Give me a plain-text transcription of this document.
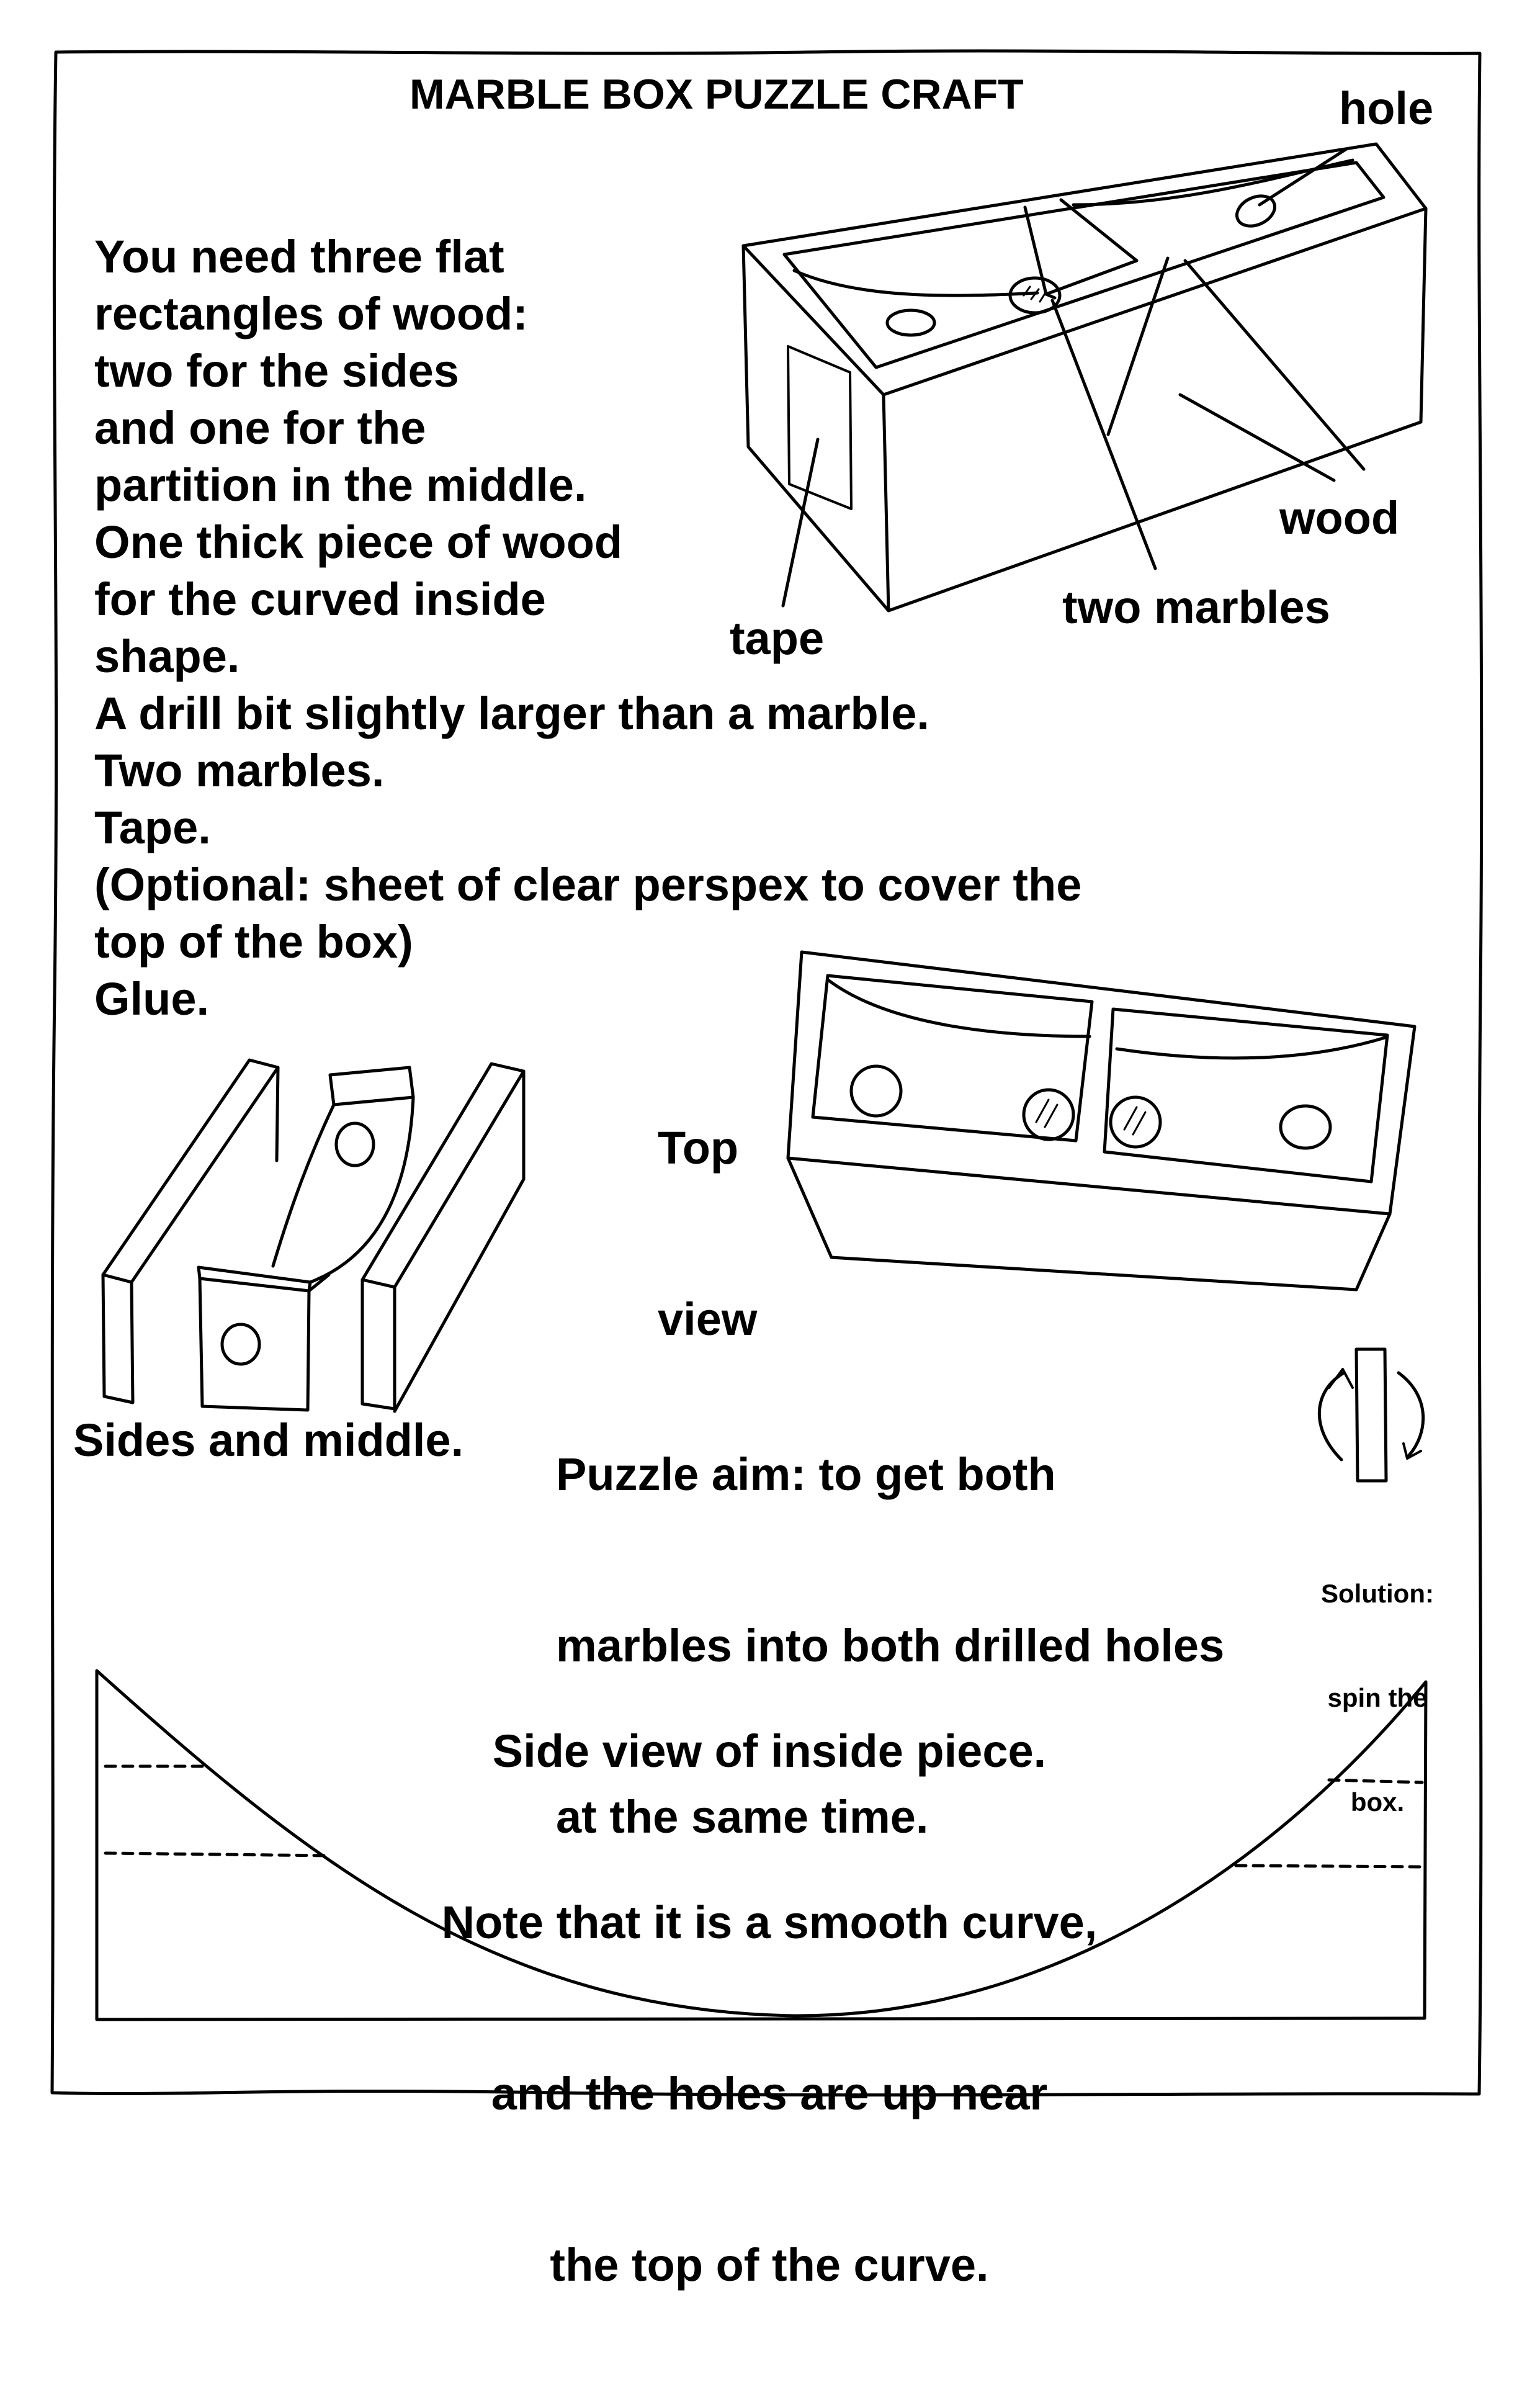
MARBLE BOX PUZZLE CRAFT
You need three flat
rectangles of wood:
two for the sides
and one for the
partition in the middle.
One thick piece of wood
for the curved inside
shape.
A drill bit slightly larger than a marble.
Two marbles.
Tape.
(Optional: sheet of clear perspex to cover the
top of the box)
Glue.
hole
wood
two marbles
tape

Top

view

Sides and middle.

Puzzle aim: to get both

marbles into both drilled holes

at the same time.

Solution:

spin the

box.

Side view of inside piece.

Note that it is a smooth curve,

and the holes are up near

the top of the curve.
